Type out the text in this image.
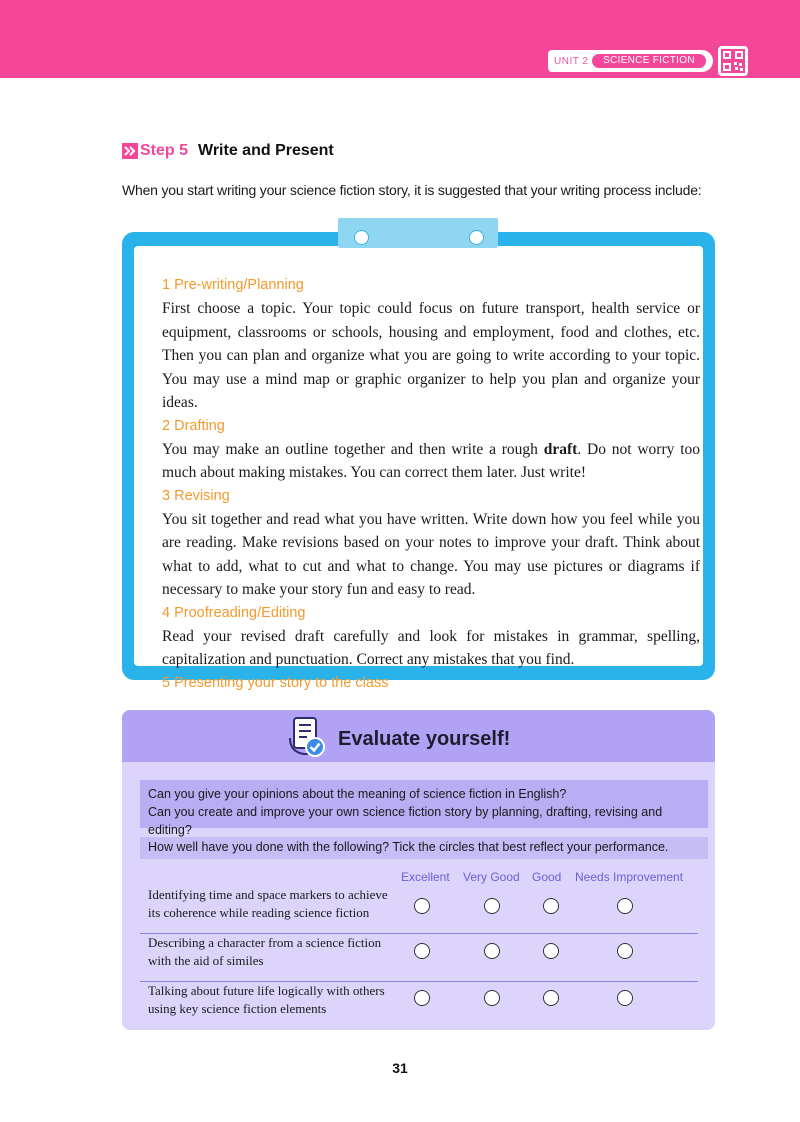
UNIT 2	SCIENCE FICTION
Step 5 Write and Present
When you start writing your science fiction story, it is suggested that your writing process include:
1 Pre-writing/Planning

First choose a topic. Your topic could focus on future transport, health service or equipment, classrooms or schools, housing and employment, food and clothes, etc. Then you can plan and organize what you are going to write according to your topic. You may use a mind map or graphic organizer to help you plan and organize your ideas.

2 Drafting

You may make an outline together and then write a rough draft. Do not worry too much about making mistakes. You can correct them later. Just write!

3 Revising

You sit together and read what you have written. Write down how you feel while you are reading. Make revisions based on your notes to improve your draft. Think about what to add, what to cut and what to change. You may use pictures or diagrams if necessary to make your story fun and easy to read.

4 Proofreading/Editing

Read your revised draft carefully and look for mistakes in grammar, spelling, capitalization and punctuation. Correct any mistakes that you find.

5 Presenting your story to the class
Evaluate yourself!
Can you give your opinions about the meaning of science fiction in English?
Can you create and improve your own science fiction story by planning, drafting, revising and editing?
How well have you done with the following? Tick the circles that best reflect your performance.
Excellent Very Good Good Needs Improvement
Identifying time and space markers to achieve its coherence while reading science fiction
Describing a character from a science fiction with the aid of similes
Talking about future life logically with others using key science fiction elements
31
